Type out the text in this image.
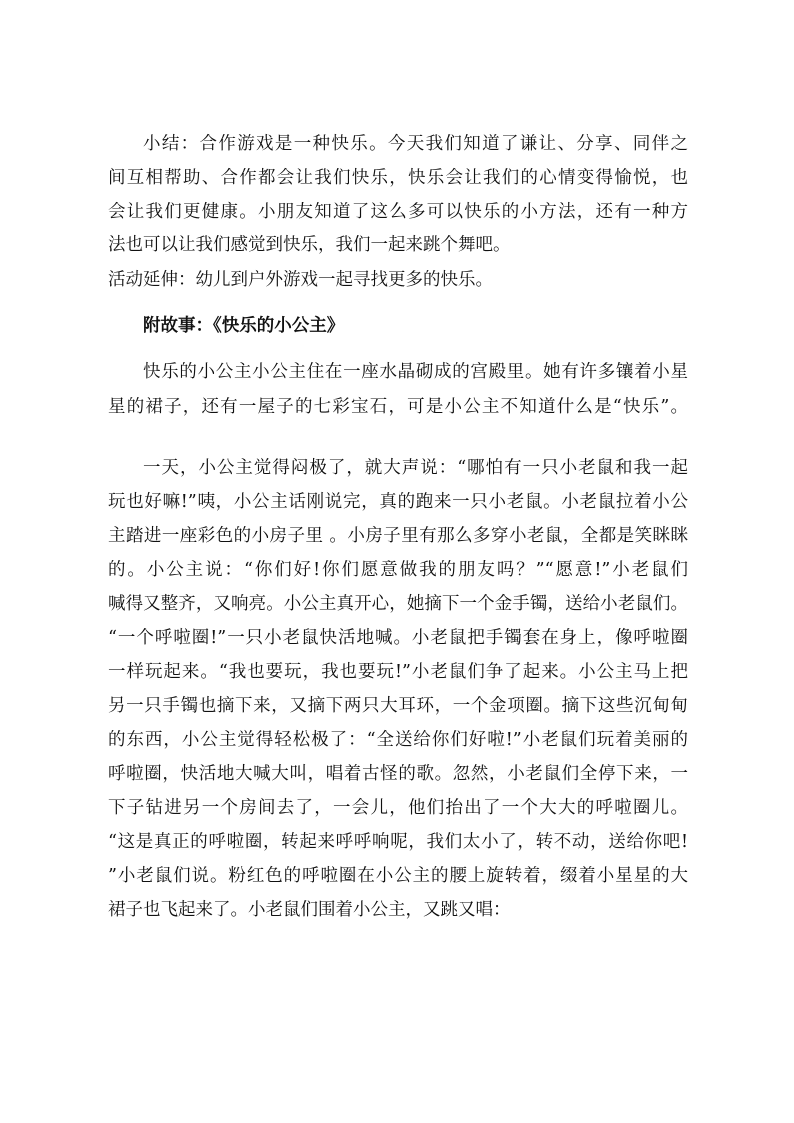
小结：合作游戏是一种快乐。今天我们知道了谦让、分享、同伴之
间互相帮助、合作都会让我们快乐，快乐会让我们的心情变得愉悦，也
会让我们更健康。小朋友知道了这么多可以快乐的小方法，还有一种方
法也可以让我们感觉到快乐，我们一起来跳个舞吧。
活动延伸：幼儿到户外游戏一起寻找更多的快乐。
附故事：《快乐的小公主》
快乐的小公主小公主住在一座水晶砌成的宫殿里。她有许多镶着小星
星的裙子，还有一屋子的七彩宝石，可是小公主不知道什么是“快乐”。
一天，小公主觉得闷极了，就大声说：“哪怕有一只小老鼠和我一起
玩也好嘛!”咦，小公主话刚说完，真的跑来一只小老鼠。小老鼠拉着小公
主踏进一座彩色的小房子里 。小房子里有那么多穿小老鼠，全都是笑眯眯
的。小公主说：“你们好!你们愿意做我的朋友吗？”“愿意!”小老鼠们
喊得又整齐，又响亮。小公主真开心，她摘下一个金手镯，送给小老鼠们。
“一个呼啦圈!”一只小老鼠快活地喊。小老鼠把手镯套在身上，像呼啦圈
一样玩起来。“我也要玩，我也要玩!”小老鼠们争了起来。小公主马上把
另一只手镯也摘下来，又摘下两只大耳环，一个金项圈。摘下这些沉甸甸
的东西，小公主觉得轻松极了：“全送给你们好啦!”小老鼠们玩着美丽的
呼啦圈，快活地大喊大叫，唱着古怪的歌。忽然，小老鼠们全停下来，一
下子钻进另一个房间去了，一会儿，他们抬出了一个大大的呼啦圈儿。
“这是真正的呼啦圈，转起来呼呼响呢，我们太小了，转不动，送给你吧!
”小老鼠们说。粉红色的呼啦圈在小公主的腰上旋转着，缀着小星星的大
裙子也飞起来了。小老鼠们围着小公主，又跳又唱：
